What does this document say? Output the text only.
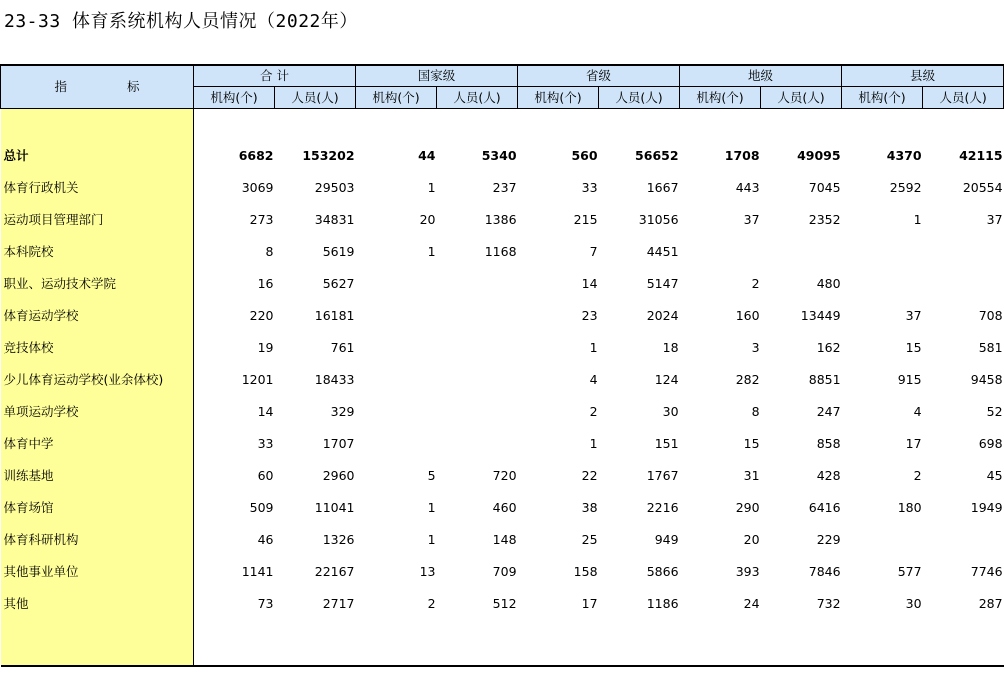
23-33 体育系统机构人员情况（2022年）
指 标	合 计		国家级		省级		地级		县级	
	机构(个)	人员(人)	机构(个)	人员(人)	机构(个)	人员(人)	机构(个)	人员(人)	机构(个)	人员(人)

总计	6682	153202	44	5340	560	56652	1708	49095	4370	42115
体育行政机关	3069	29503	1	237	33	1667	443	7045	2592	20554
运动项目管理部门	273	34831	20	1386	215	31056	37	2352	1	37
本科院校	8	5619	1	1168	7	4451				
职业、运动技术学院	16	5627			14	5147	2	480		
体育运动学校	220	16181			23	2024	160	13449	37	708
竞技体校	19	761			1	18	3	162	15	581
少儿体育运动学校(业余体校)	1201	18433			4	124	282	8851	915	9458
单项运动学校	14	329			2	30	8	247	4	52
体育中学	33	1707			1	151	15	858	17	698
训练基地	60	2960	5	720	22	1767	31	428	2	45
体育场馆	509	11041	1	460	38	2216	290	6416	180	1949
体育科研机构	46	1326	1	148	25	949	20	229		
其他事业单位	1141	22167	13	709	158	5866	393	7846	577	7746
其他	73	2717	2	512	17	1186	24	732	30	287
